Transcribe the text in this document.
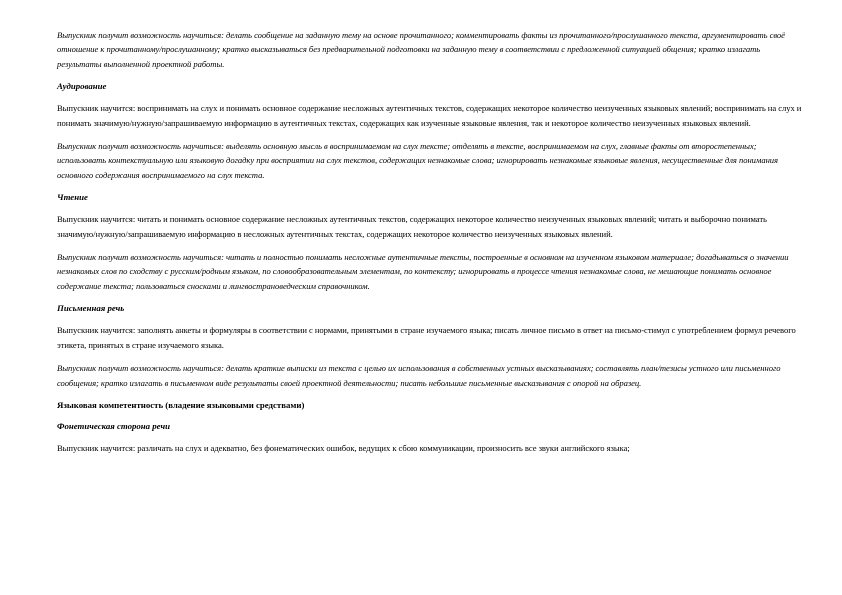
Выпускник получит возможность научиться: делать сообщение на заданную тему на основе прочитанного; комментировать факты из прочитанного/прослушанного текста, аргументировать своё отношение к прочитанному/прослушанному; кратко высказываться без предварительной подготовки на заданную тему в соответствии с предложенной ситуацией общения; кратко излагать результаты выполненной проектной работы.

Аудирование

Выпускник научится: воспринимать на слух и понимать основное содержание несложных аутентичных текстов, содержащих некоторое количество неизученных языковых явлений; воспринимать на слух и понимать значимую/нужную/запрашиваемую информацию в аутентичных текстах, содержащих как изученные языковые явления, так и некоторое количество неизученных языковых явлений.

Выпускник получит возможность научиться: выделять основную мысль в воспринимаемом на слух тексте; отделять в тексте, воспринимаемом на слух, главные факты от второстепенных; использовать контекстуальную или языковую догадку при восприятии на слух текстов, содержащих незнакомые слова; игнорировать незнакомые языковые явления, несущественные для понимания основного содержания воспринимаемого на слух текста.

Чтение

Выпускник научится: читать и понимать основное содержание несложных аутентичных текстов, содержащих некоторое количество неизученных языковых явлений; читать и выборочно понимать значимую/нужную/запрашиваемую информацию в несложных аутентичных текстах, содержащих некоторое количество неизученных языковых явлений.

Выпускник получит возможность научиться: читать и полностью понимать несложные аутентичные тексты, построенные в основном на изученном языковом материале; догадываться о значении незнакомых слов по сходству с русским/родным языком, по словообразовательным элементам, по контексту; игнорировать в процессе чтения незнакомые слова, не мешающие понимать основное содержание текста; пользоваться сносками и лингвострановедческим справочником.

Письменная речь

Выпускник научится: заполнять анкеты и формуляры в соответствии с нормами, принятыми в стране изучаемого языка; писать личное письмо в ответ на письмо-стимул с употреблением формул речевого этикета, принятых в стране изучаемого языка.

Выпускник получит возможность научиться: делать краткие выписки из текста с целью их использования в собственных устных высказываниях; составлять план/тезисы устного или письменного сообщения; кратко излагать в письменном виде результаты своей проектной деятельности; писать небольшие письменные высказывания с опорой на образец.

Языковая компетентность (владение языковыми средствами)
Фонетическая сторона речи

Выпускник научится: различать на слух и адекватно, без фонематических ошибок, ведущих к сбою коммуникации, произносить все звуки английского языка;
